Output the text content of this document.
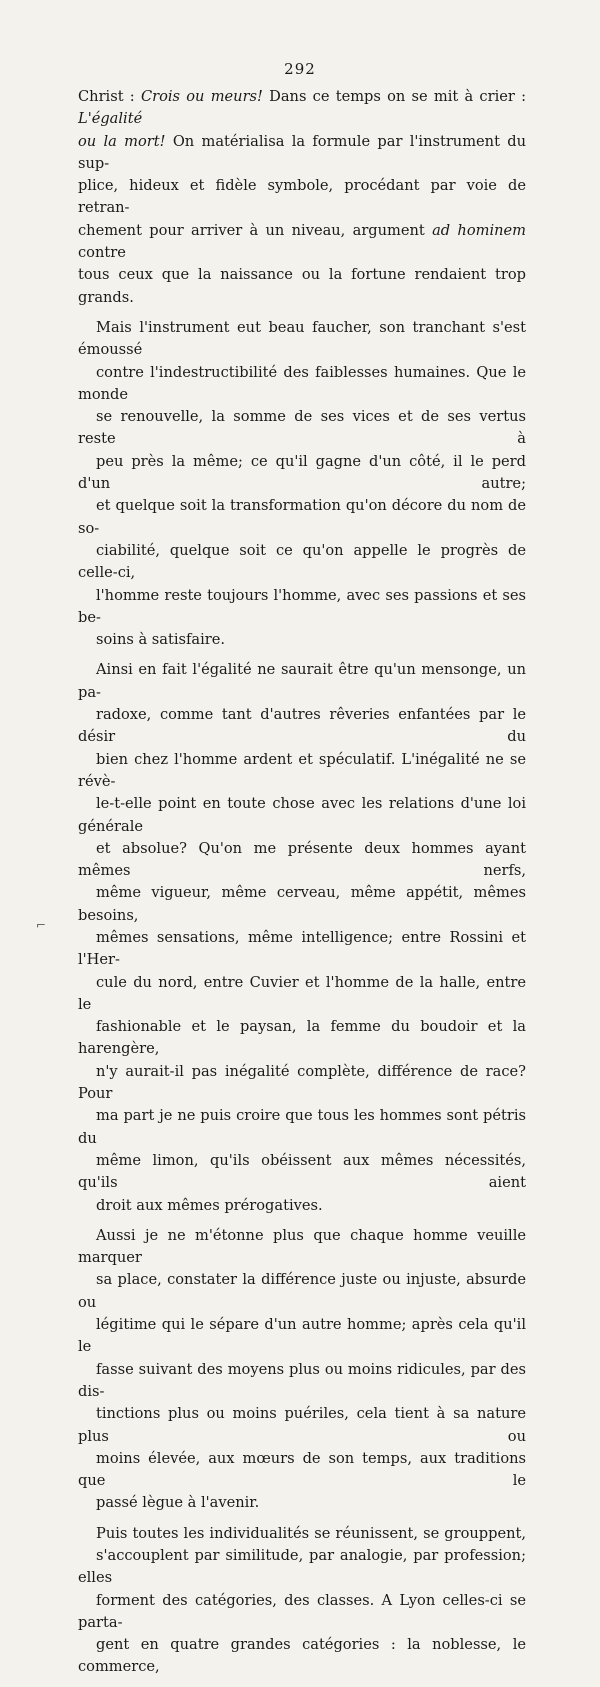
292

Christ : Crois ou meurs! Dans ce temps on se mit à crier : L'égalité
ou la mort! On matérialisa la formule par l'instrument du sup-
plice, hideux et fidèle symbole, procédant par voie de retran-
chement pour arriver à un niveau, argument ad hominem contre
tous ceux que la naissance ou la fortune rendaient trop grands.

Mais l'instrument eut beau faucher, son tranchant s'est émoussé
contre l'indestructibilité des faiblesses humaines. Que le monde
se renouvelle, la somme de ses vices et de ses vertus reste à
peu près la même; ce qu'il gagne d'un côté, il le perd d'un autre;
et quelque soit la transformation qu'on décore du nom de so-
ciabilité, quelque soit ce qu'on appelle le progrès de celle-ci,
l'homme reste toujours l'homme, avec ses passions et ses be-
soins à satisfaire.

Ainsi en fait l'égalité ne saurait être qu'un mensonge, un pa-
radoxe, comme tant d'autres rêveries enfantées par le désir du
bien chez l'homme ardent et spéculatif. L'inégalité ne se révè-
le-t-elle point en toute chose avec les relations d'une loi générale
et absolue? Qu'on me présente deux hommes ayant mêmes nerfs,
même vigueur, même cerveau, même appétit, mêmes besoins,
mêmes sensations, même intelligence; entre Rossini et l'Her-
cule du nord, entre Cuvier et l'homme de la halle, entre le
fashionable et le paysan, la femme du boudoir et la harengère,
n'y aurait-il pas inégalité complète, différence de race? Pour
ma part je ne puis croire que tous les hommes sont pétris du
même limon, qu'ils obéissent aux mêmes nécessités, qu'ils aient
droit aux mêmes prérogatives.

Aussi je ne m'étonne plus que chaque homme veuille marquer
sa place, constater la différence juste ou injuste, absurde ou
légitime qui le sépare d'un autre homme; après cela qu'il le
fasse suivant des moyens plus ou moins ridicules, par des dis-
tinctions plus ou moins puériles, cela tient à sa nature plus ou
moins élevée, aux mœurs de son temps, aux traditions que le
passé lègue à l'avenir.

Puis toutes les individualités se réunissent, se grouppent,
s'accouplent par similitude, par analogie, par profession; elles
forment des catégories, des classes. A Lyon celles-ci se parta-
gent en quatre grandes catégories : la noblesse, le commerce,

⌐
